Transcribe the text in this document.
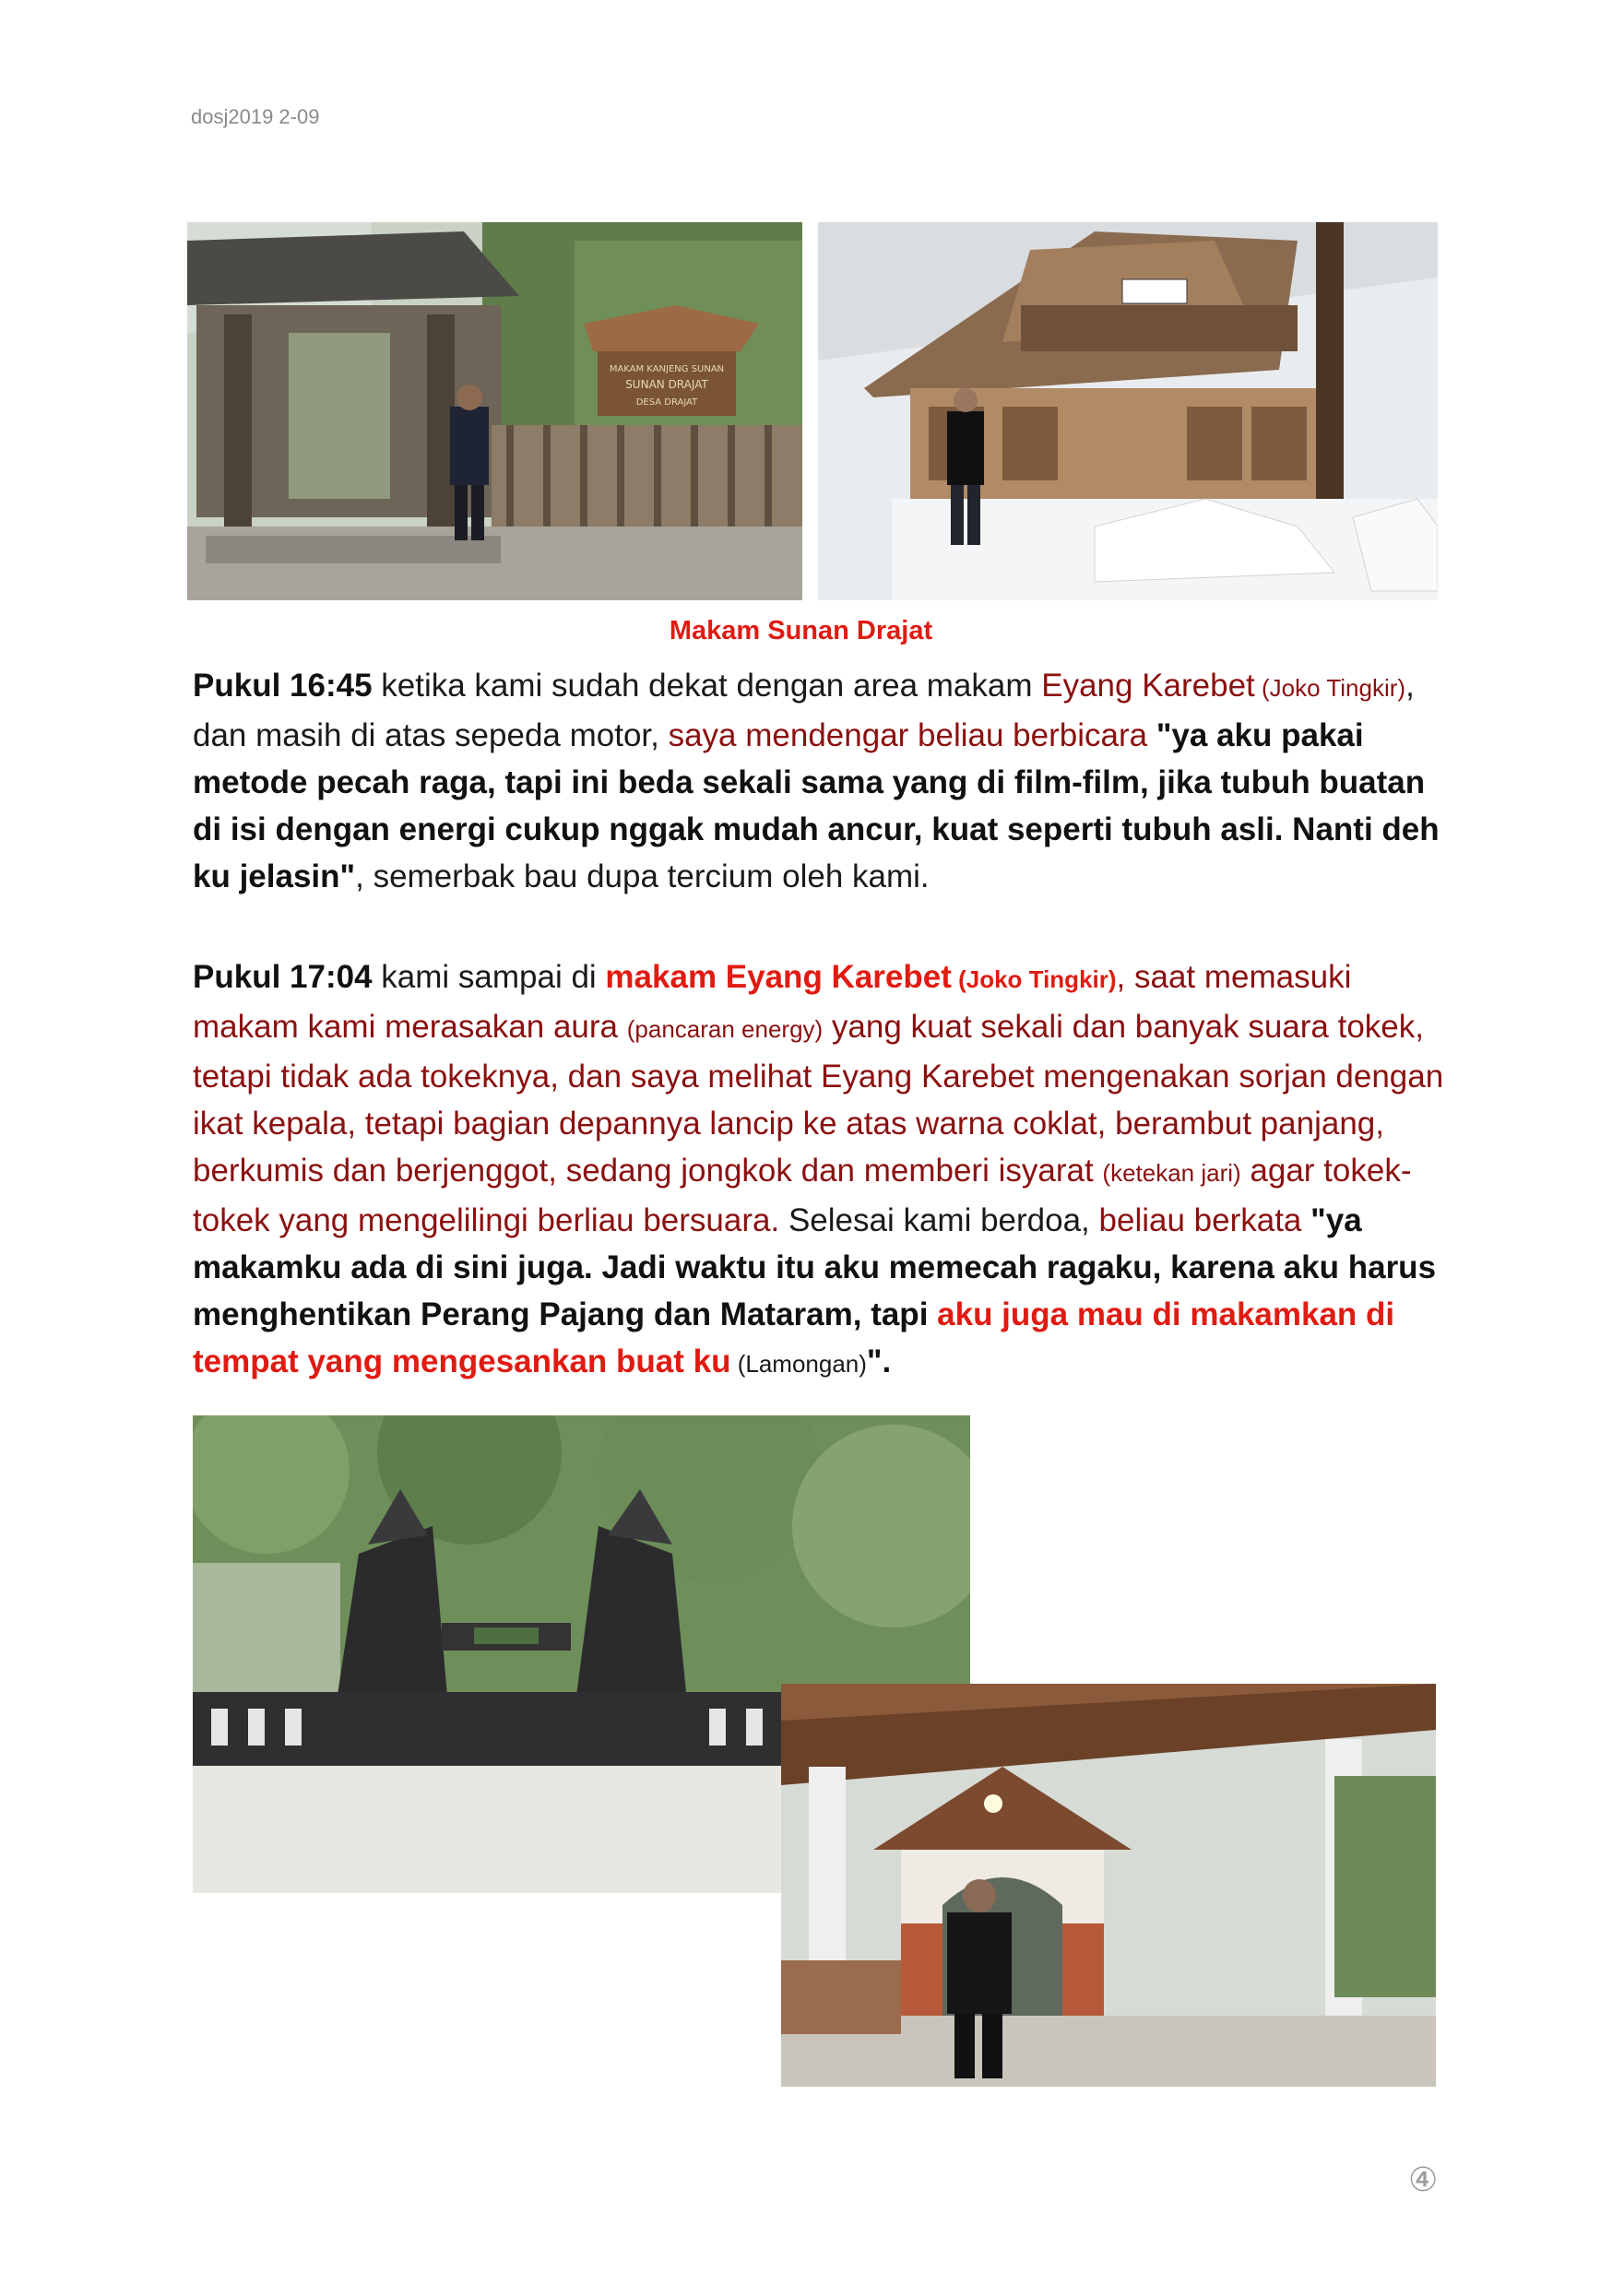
dosj2019 2-09
MAKAM KANJENG SUNAN
SUNAN DRAJAT
DESA DRAJAT
Makam Sunan Drajat

Pukul 16:45 ketika kami sudah dekat dengan area makam Eyang Karebet (Joko Tingkir), dan masih di atas sepeda motor, saya mendengar beliau berbicara "ya aku pakai metode pecah raga, tapi ini beda sekali sama yang di film-film, jika tubuh buatan di isi dengan energi cukup nggak mudah ancur, kuat seperti tubuh asli. Nanti deh ku jelasin", semerbak bau dupa tercium oleh kami.

Pukul 17:04 kami sampai di makam Eyang Karebet (Joko Tingkir), saat memasuki makam kami merasakan aura (pancaran energy) yang kuat sekali dan banyak suara tokek, tetapi tidak ada tokeknya, dan saya melihat Eyang Karebet mengenakan sorjan dengan ikat kepala, tetapi bagian depannya lancip ke atas warna coklat, berambut panjang, berkumis dan berjenggot, sedang jongkok dan memberi isyarat (ketekan jari) agar tokek-tokek yang mengelilingi berliau bersuara. Selesai kami berdoa, beliau berkata "ya makamku ada di sini juga. Jadi waktu itu aku memecah ragaku, karena aku harus menghentikan Perang Pajang dan Mataram, tapi aku juga mau di makamkan di tempat yang mengesankan buat ku (Lamongan)".

④
